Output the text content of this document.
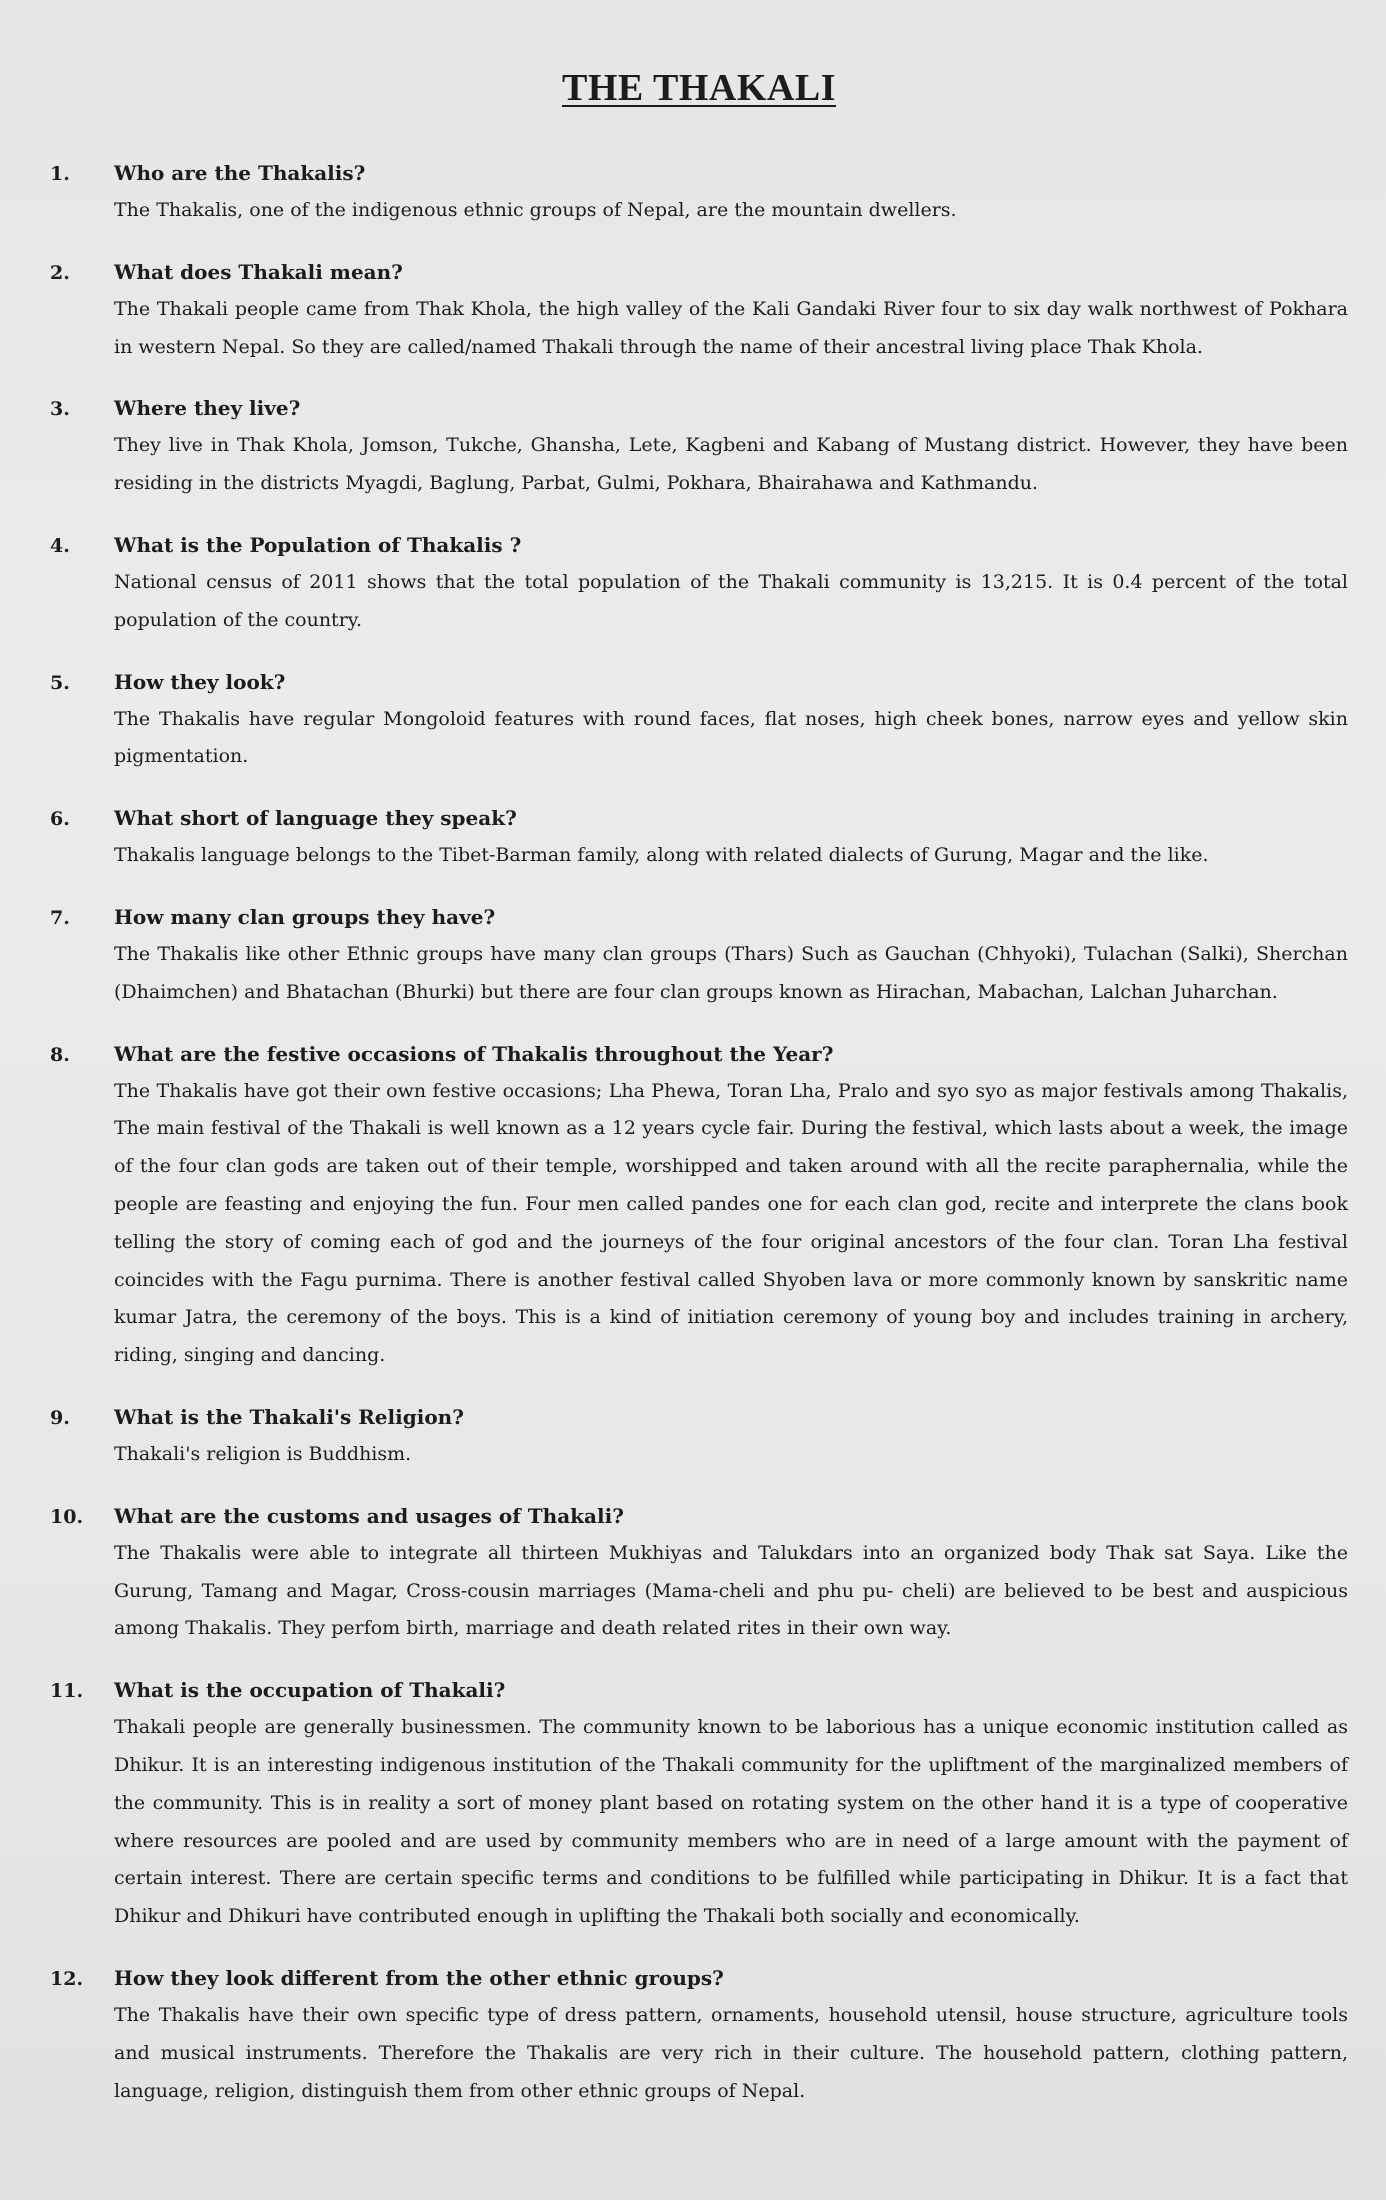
THE THAKALI
1.	Who are the Thakalis?

The Thakalis, one of the indigenous ethnic groups of Nepal, are the mountain dwellers.

2.	What does Thakali mean?

The Thakali people came from Thak Khola, the high valley of the Kali Gandaki River four to six day walk northwest of Pokhara in western Nepal. So they are called/named Thakali through the name of their ancestral living place Thak Khola.

3.	Where they live?

They live in Thak Khola, Jomson, Tukche, Ghansha, Lete, Kagbeni and Kabang of Mustang district. However, they have been residing in the districts Myagdi, Baglung, Parbat, Gulmi, Pokhara, Bhairahawa and Kathmandu.

4.	What is the Population of Thakalis ?

National census of 2011 shows that the total population of the Thakali community is 13,215. It is 0.4 percent of the total population of the country.

5.	How they look?

The Thakalis have regular Mongoloid features with round faces, flat noses, high cheek bones, narrow eyes and yellow skin pigmentation.

6.	What short of language they speak?

Thakalis language belongs to the Tibet-Barman family, along with related dialects of Gurung, Magar and the like.

7.	How many clan groups they have?

The Thakalis like other Ethnic groups have many clan groups (Thars) Such as Gauchan (Chhyoki), Tulachan (Salki), Sherchan (Dhaimchen) and Bhatachan (Bhurki) but there are four clan groups known as Hirachan, Mabachan, Lalchan Juharchan.

8.	What are the festive occasions of Thakalis throughout the Year?

The Thakalis have got their own festive occasions; Lha Phewa, Toran Lha, Pralo and syo syo as major festivals among Thakalis, The main festival of the Thakali is well known as a 12 years cycle fair. During the festival, which lasts about a week, the image of the four clan gods are taken out of their temple, worshipped and taken around with all the recite paraphernalia, while the people are feasting and enjoying the fun. Four men called pandes one for each clan god, recite and interprete the clans book telling the story of coming each of god and the journeys of the four original ancestors of the four clan. Toran Lha festival coincides with the Fagu purnima. There is another festival called Shyoben lava or more commonly known by sanskritic name kumar Jatra, the ceremony of the boys. This is a kind of initiation ceremony of young boy and includes training in archery, riding, singing and dancing.

9.	What is the Thakali's Religion?

Thakali's religion is Buddhism.

10.	What are the customs and usages of Thakali?

The Thakalis were able to integrate all thirteen Mukhiyas and Talukdars into an organized body Thak sat Saya. Like the Gurung, Tamang and Magar, Cross-cousin marriages (Mama-cheli and phu pu- cheli) are believed to be best and auspicious among Thakalis. They perfom birth, marriage and death related rites in their own way.

11.	What is the occupation of Thakali?

Thakali people are generally businessmen. The community known to be laborious has a unique economic institution called as Dhikur. It is an interesting indigenous institution of the Thakali community for the upliftment of the marginalized members of the community. This is in reality a sort of money plant based on rotating system on the other hand it is a type of cooperative where resources are pooled and are used by community members who are in need of a large amount with the payment of certain interest. There are certain specific terms and conditions to be fulfilled while participating in Dhikur. It is a fact that Dhikur and Dhikuri have contributed enough in uplifting the Thakali both socially and economically.

12.	How they look different from the other ethnic groups?

The Thakalis have their own specific type of dress pattern, ornaments, household utensil, house structure, agriculture tools and musical instruments. Therefore the Thakalis are very rich in their culture. The household pattern, clothing pattern, language, religion, distinguish them from other ethnic groups of Nepal.
